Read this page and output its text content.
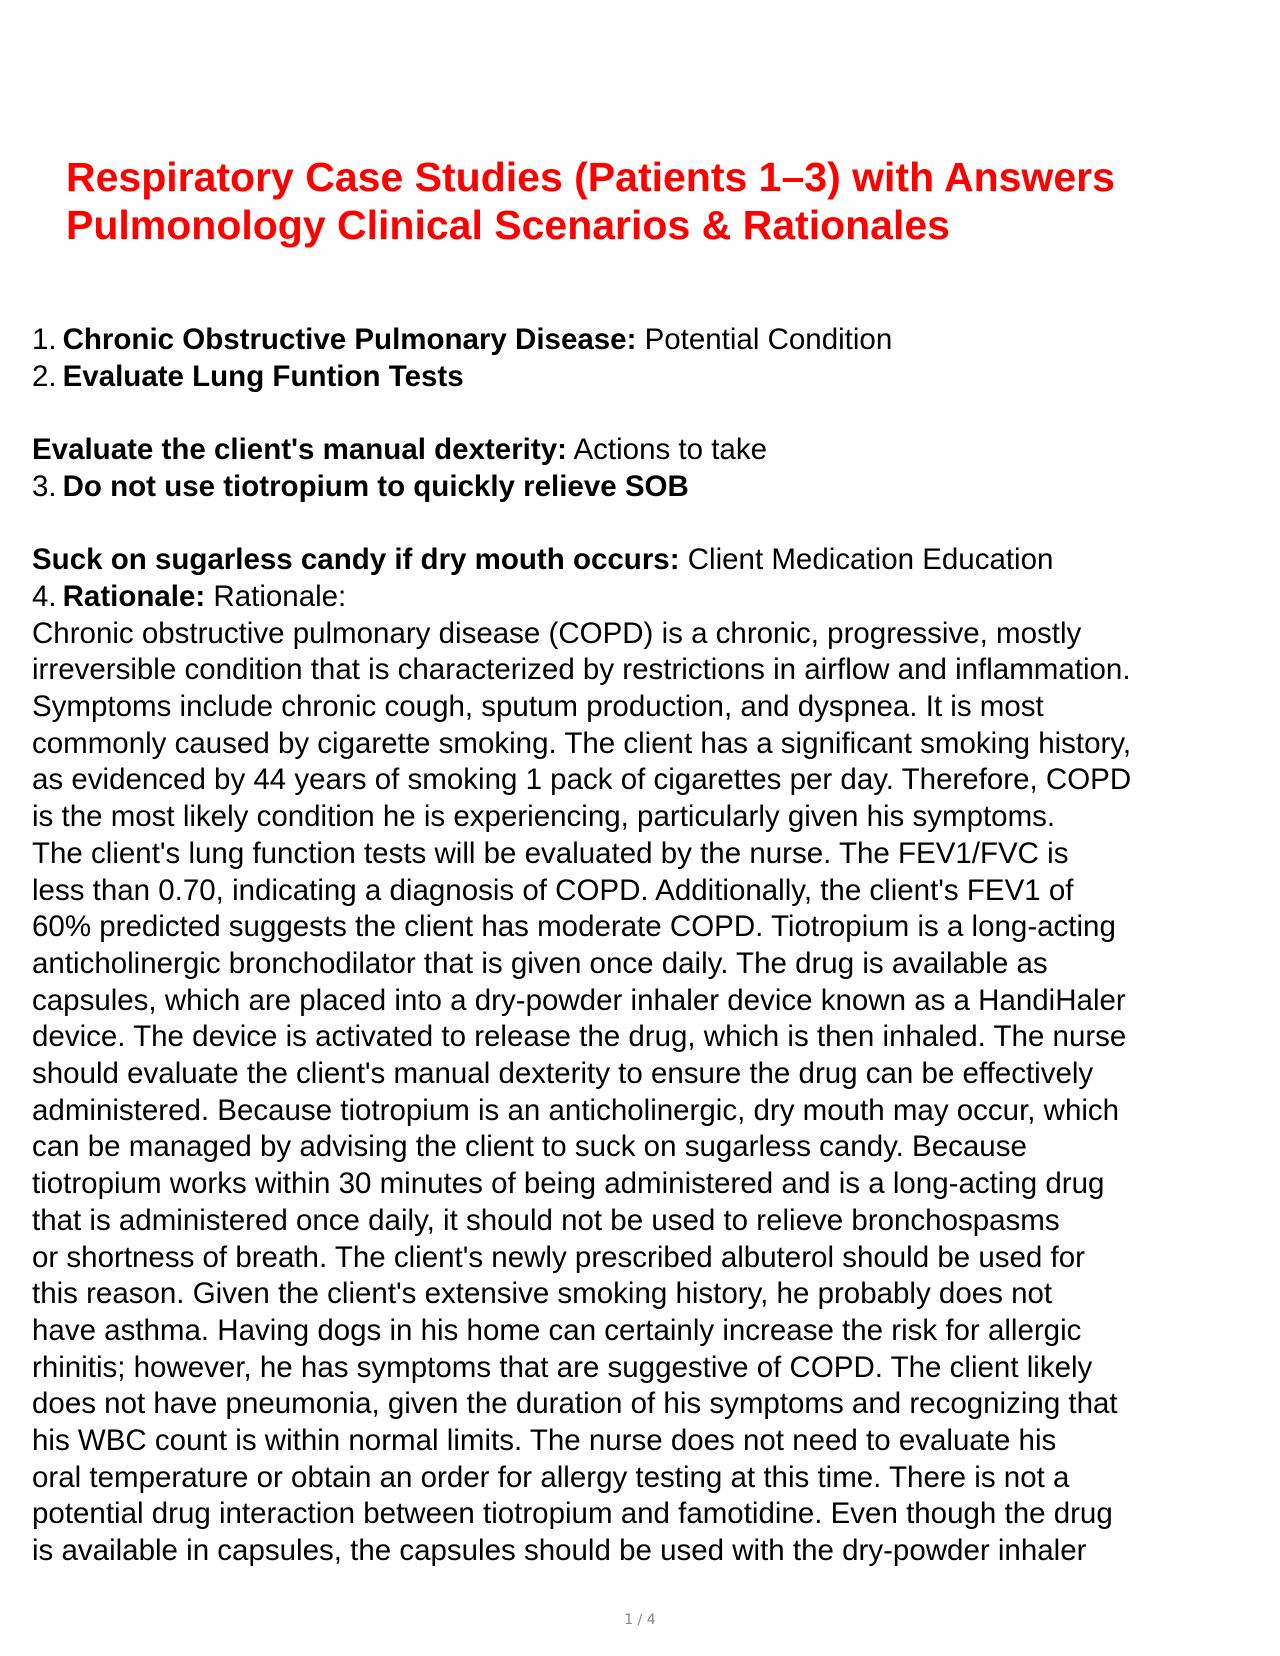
Respiratory Case Studies (Patients 1–3) with Answers
Pulmonology Clinical Scenarios & Rationales
1. Chronic Obstructive Pulmonary Disease: Potential Condition
2. Evaluate Lung Funtion Tests
Evaluate the client's manual dexterity: Actions to take
3. Do not use tiotropium to quickly relieve SOB
Suck on sugarless candy if dry mouth occurs: Client Medication Education
4. Rationale: Rationale:
Chronic obstructive pulmonary disease (COPD) is a chronic, progressive, mostly
irreversible condition that is characterized by restrictions in airflow and inflammation.
Symptoms include chronic cough, sputum production, and dyspnea. It is most
commonly caused by cigarette smoking. The client has a significant smoking history,
as evidenced by 44 years of smoking 1 pack of cigarettes per day. Therefore, COPD
is the most likely condition he is experiencing, particularly given his symptoms.
The client's lung function tests will be evaluated by the nurse. The FEV1/FVC is
less than 0.70, indicating a diagnosis of COPD. Additionally, the client's FEV1 of
60% predicted suggests the client has moderate COPD. Tiotropium is a long-acting
anticholinergic bronchodilator that is given once daily. The drug is available as
capsules, which are placed into a dry-powder inhaler device known as a HandiHaler
device. The device is activated to release the drug, which is then inhaled. The nurse
should evaluate the client's manual dexterity to ensure the drug can be effectively
administered. Because tiotropium is an anticholinergic, dry mouth may occur, which
can be managed by advising the client to suck on sugarless candy. Because
tiotropium works within 30 minutes of being administered and is a long-acting drug
that is administered once daily, it should not be used to relieve bronchospasms
or shortness of breath. The client's newly prescribed albuterol should be used for
this reason. Given the client's extensive smoking history, he probably does not
have asthma. Having dogs in his home can certainly increase the risk for allergic
rhinitis; however, he has symptoms that are suggestive of COPD. The client likely
does not have pneumonia, given the duration of his symptoms and recognizing that
his WBC count is within normal limits. The nurse does not need to evaluate his
oral temperature or obtain an order for allergy testing at this time. There is not a
potential drug interaction between tiotropium and famotidine. Even though the drug
is available in capsules, the capsules should be used with the dry-powder inhaler
1 / 4
